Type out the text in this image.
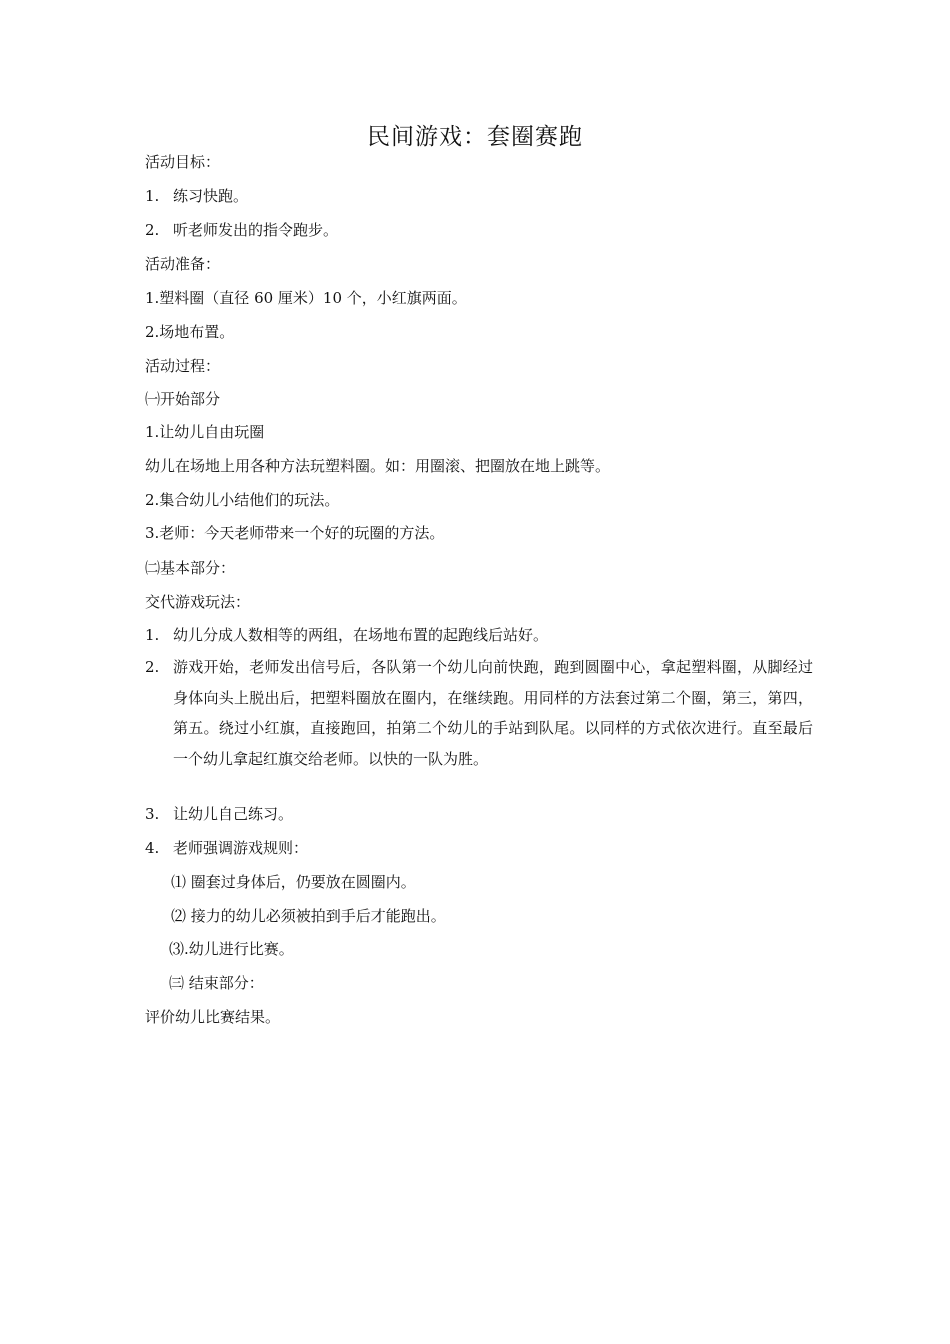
民间游戏：套圈赛跑
活动目标：
1. 练习快跑。
2. 听老师发出的指令跑步。
活动准备：
1.塑料圈（直径 60 厘米）10 个，小红旗两面。
2.场地布置。
活动过程：
㈠开始部分
1.让幼儿自由玩圈
幼儿在场地上用各种方法玩塑料圈。如：用圈滚、把圈放在地上跳等。
2.集合幼儿小结他们的玩法。
3.老师：今天老师带来一个好的玩圈的方法。
㈡基本部分：
交代游戏玩法：
1. 幼儿分成人数相等的两组，在场地布置的起跑线后站好。
2. 游戏开始，老师发出信号后，各队第一个幼儿向前快跑，跑到圆圈中心，拿起塑料圈，从脚经过身体向头上脱出后，把塑料圈放在圈内，在继续跑。用同样的方法套过第二个圈，第三，第四，第五。绕过小红旗，直接跑回，拍第二个幼儿的手站到队尾。以同样的方式依次进行。直至最后一个幼儿拿起红旗交给老师。以快的一队为胜。
3. 让幼儿自己练习。
4. 老师强调游戏规则：
⑴ 圈套过身体后，仍要放在圆圈内。
⑵ 接力的幼儿必须被拍到手后才能跑出。
⑶.幼儿进行比赛。
㈢ 结束部分：
评价幼儿比赛结果。
